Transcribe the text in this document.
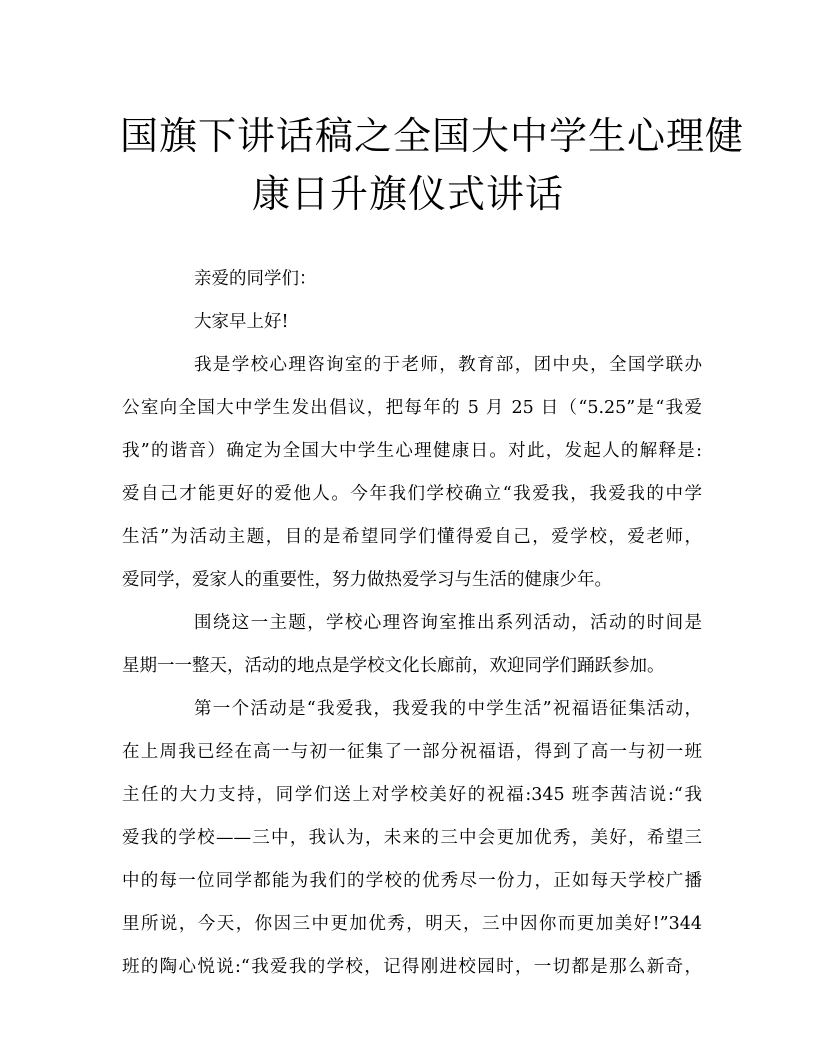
国旗下讲话稿之全国大中学生心理健
康日升旗仪式讲话
亲爱的同学们：
大家早上好!
我是学校心理咨询室的于老师，教育部，团中央，全国学联办
公室向全国大中学生发出倡议，把每年的 5 月 25 日（“5.25”是“我爱
我”的谐音）确定为全国大中学生心理健康日。对此，发起人的解释是:
爱自己才能更好的爱他人。今年我们学校确立“我爱我，我爱我的中学
生活”为活动主题，目的是希望同学们懂得爱自己，爱学校，爱老师，
爱同学，爱家人的重要性，努力做热爱学习与生活的健康少年。
围绕这一主题，学校心理咨询室推出系列活动，活动的时间是
星期一一整天，活动的地点是学校文化长廊前，欢迎同学们踊跃参加。
第一个活动是“我爱我，我爱我的中学生活”祝福语征集活动，
在上周我已经在高一与初一征集了一部分祝福语，得到了高一与初一班
主任的大力支持，同学们送上对学校美好的祝福:345 班李茜洁说:“我
爱我的学校——三中，我认为，未来的三中会更加优秀，美好，希望三
中的每一位同学都能为我们的学校的优秀尽一份力，正如每天学校广播
里所说，今天，你因三中更加优秀，明天，三中因你而更加美好!”344
班的陶心悦说:“我爱我的学校，记得刚进校园时，一切都是那么新奇，
